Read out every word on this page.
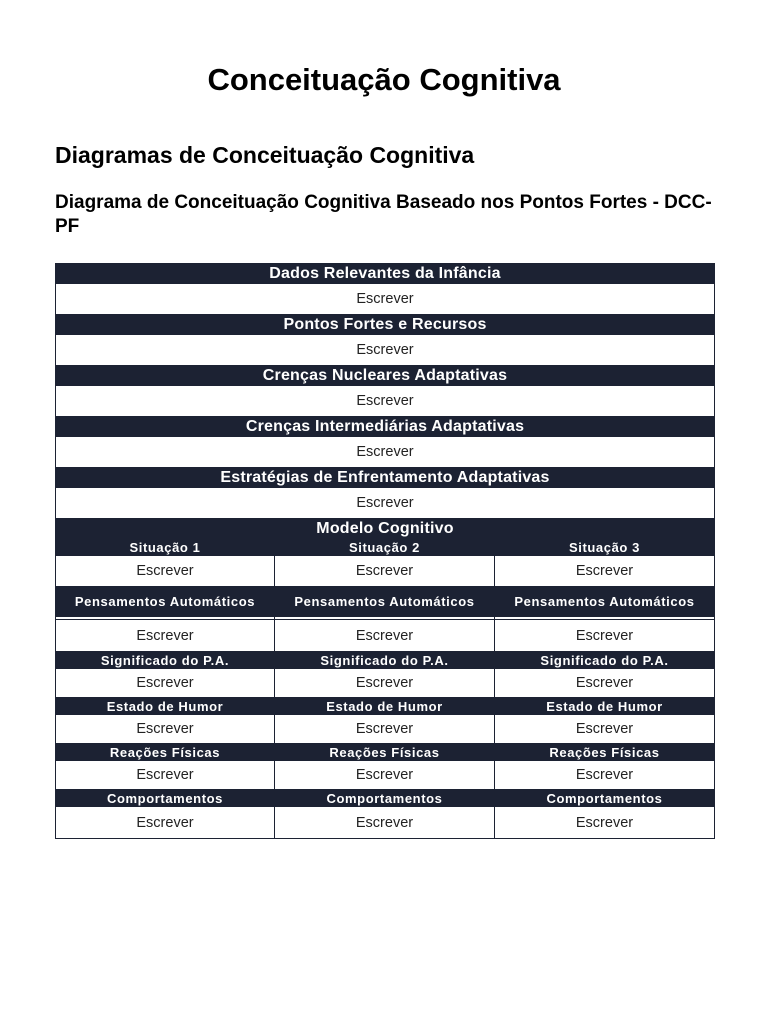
Conceituação Cognitiva
Diagramas de Conceituação Cognitiva
Diagrama de Conceituação Cognitiva Baseado nos Pontos Fortes - DCC-PF
Dados Relevantes da Infância		
Escrever		
Pontos Fortes e Recursos		
Escrever		
Crenças Nucleares Adaptativas		
Escrever		
Crenças Intermediárias Adaptativas		
Escrever		
Estratégias de Enfrentamento Adaptativas		
Escrever		
Modelo Cognitivo		
Situação 1	Situação 2	Situação 3
Escrever	Escrever	Escrever
Pensamentos Automáticos	Pensamentos Automáticos	Pensamentos Automáticos

Escrever	Escrever	Escrever
Significado do P.A.	Significado do P.A.	Significado do P.A.
Escrever	Escrever	Escrever
Estado de Humor	Estado de Humor	Estado de Humor
Escrever	Escrever	Escrever
Reações Físicas	Reações Físicas	Reações Físicas
Escrever	Escrever	Escrever
Comportamentos	Comportamentos	Comportamentos
Escrever	Escrever	Escrever
